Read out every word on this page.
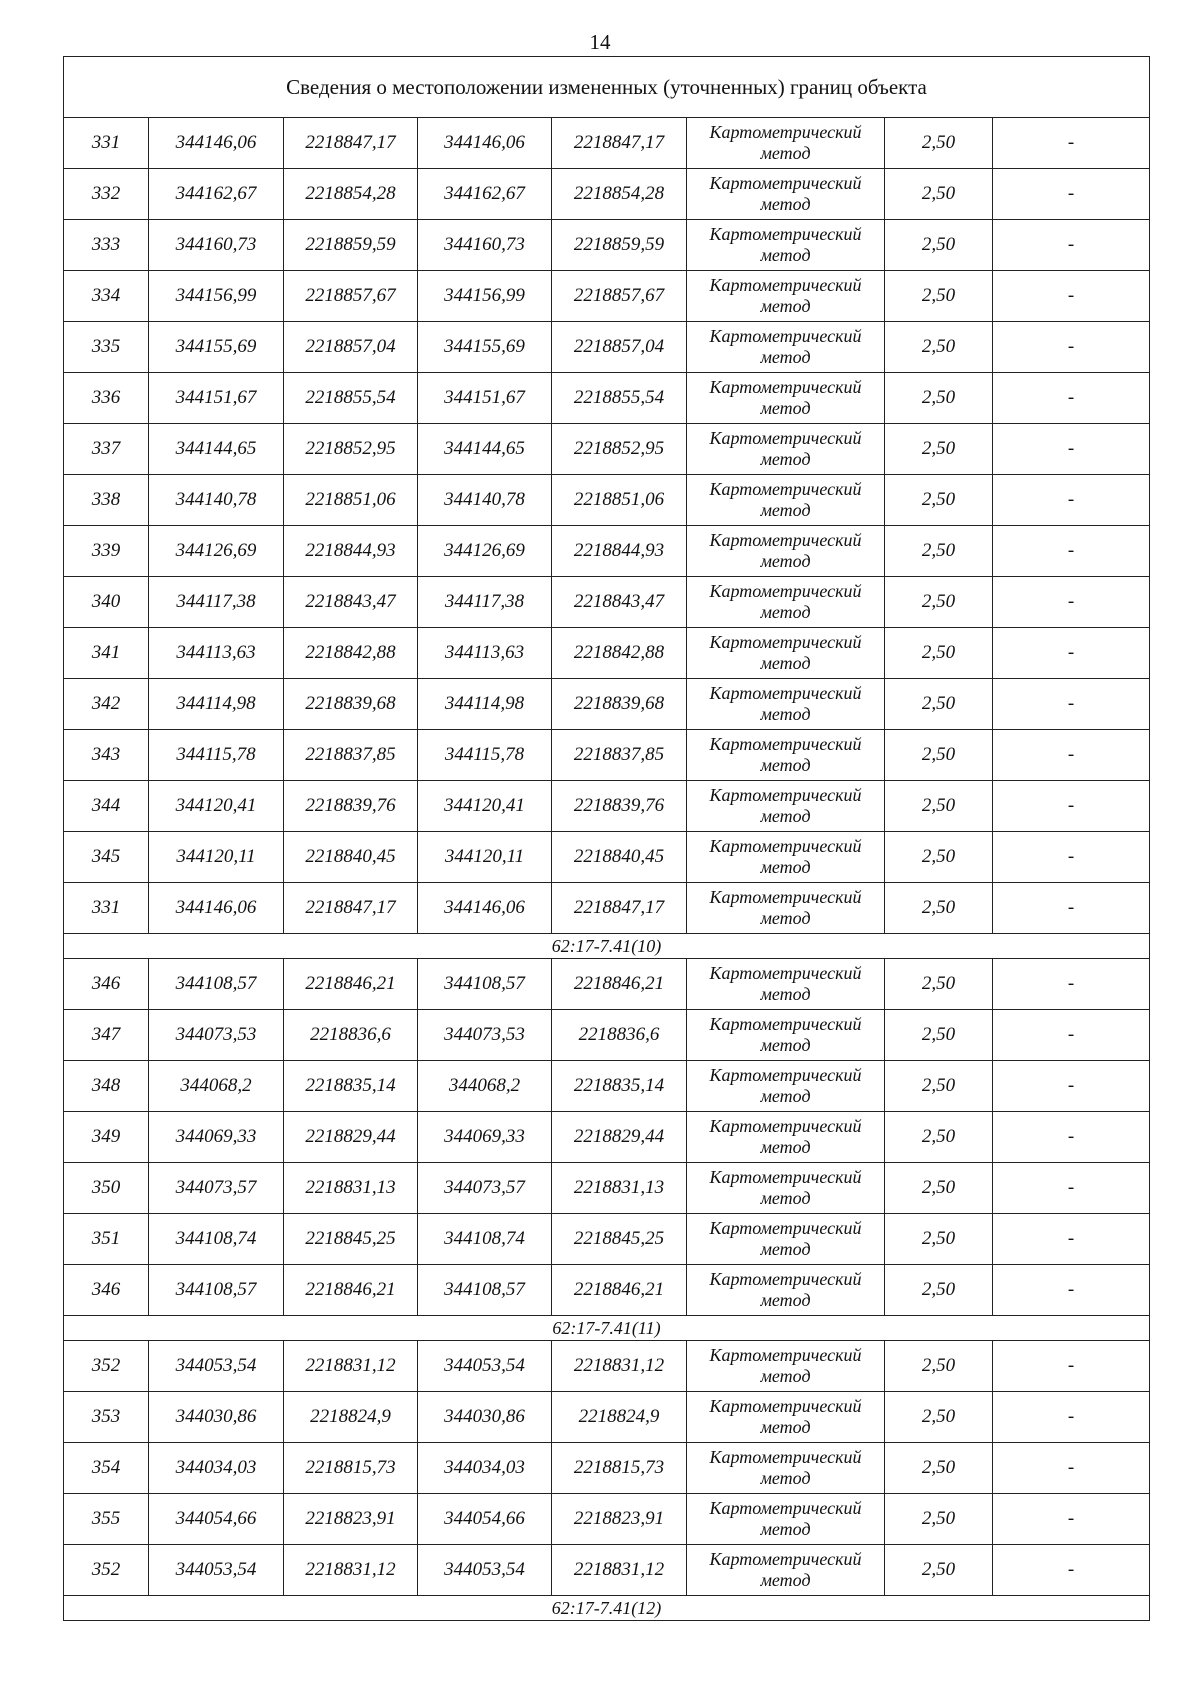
14
Сведения о местоположении измененных (уточненных) границ объекта							
331	344146,06	2218847,17	344146,06	2218847,17	Картометрический метод	2,50	-
332	344162,67	2218854,28	344162,67	2218854,28	Картометрический метод	2,50	-
333	344160,73	2218859,59	344160,73	2218859,59	Картометрический метод	2,50	-
334	344156,99	2218857,67	344156,99	2218857,67	Картометрический метод	2,50	-
335	344155,69	2218857,04	344155,69	2218857,04	Картометрический метод	2,50	-
336	344151,67	2218855,54	344151,67	2218855,54	Картометрический метод	2,50	-
337	344144,65	2218852,95	344144,65	2218852,95	Картометрический метод	2,50	-
338	344140,78	2218851,06	344140,78	2218851,06	Картометрический метод	2,50	-
339	344126,69	2218844,93	344126,69	2218844,93	Картометрический метод	2,50	-
340	344117,38	2218843,47	344117,38	2218843,47	Картометрический метод	2,50	-
341	344113,63	2218842,88	344113,63	2218842,88	Картометрический метод	2,50	-
342	344114,98	2218839,68	344114,98	2218839,68	Картометрический метод	2,50	-
343	344115,78	2218837,85	344115,78	2218837,85	Картометрический метод	2,50	-
344	344120,41	2218839,76	344120,41	2218839,76	Картометрический метод	2,50	-
345	344120,11	2218840,45	344120,11	2218840,45	Картометрический метод	2,50	-
331	344146,06	2218847,17	344146,06	2218847,17	Картометрический метод	2,50	-
62:17-7.41(10)							
346	344108,57	2218846,21	344108,57	2218846,21	Картометрический метод	2,50	-
347	344073,53	2218836,6	344073,53	2218836,6	Картометрический метод	2,50	-
348	344068,2	2218835,14	344068,2	2218835,14	Картометрический метод	2,50	-
349	344069,33	2218829,44	344069,33	2218829,44	Картометрический метод	2,50	-
350	344073,57	2218831,13	344073,57	2218831,13	Картометрический метод	2,50	-
351	344108,74	2218845,25	344108,74	2218845,25	Картометрический метод	2,50	-
346	344108,57	2218846,21	344108,57	2218846,21	Картометрический метод	2,50	-
62:17-7.41(11)							
352	344053,54	2218831,12	344053,54	2218831,12	Картометрический метод	2,50	-
353	344030,86	2218824,9	344030,86	2218824,9	Картометрический метод	2,50	-
354	344034,03	2218815,73	344034,03	2218815,73	Картометрический метод	2,50	-
355	344054,66	2218823,91	344054,66	2218823,91	Картометрический метод	2,50	-
352	344053,54	2218831,12	344053,54	2218831,12	Картометрический метод	2,50	-
62:17-7.41(12)							
